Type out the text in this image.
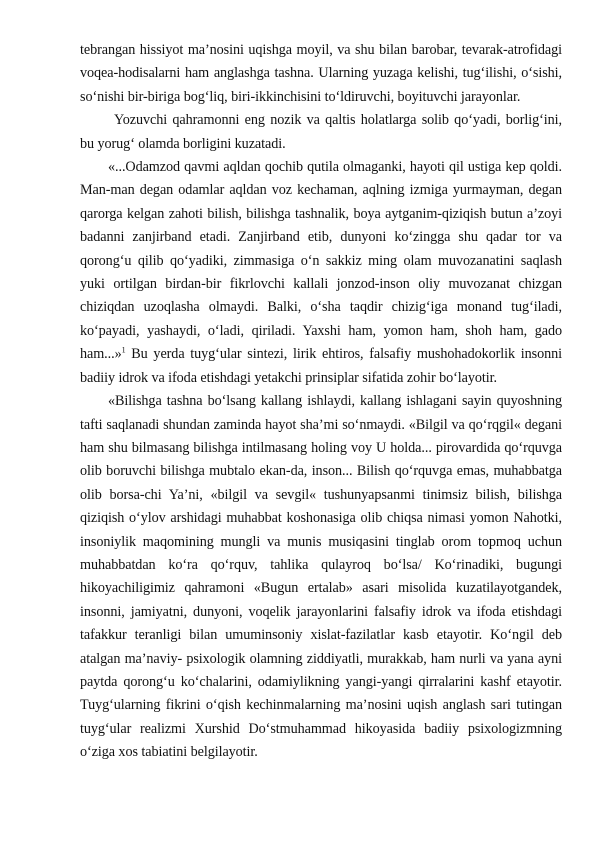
tebrangan hissiyot ma’nosini uqishga moyil, va shu bilan barobar, tevarak-atrofidagi voqea-hodisalarni ham anglashga tashna. Ularning yuzaga kelishi, tug‘ilishi, o‘sishi, so‘nishi bir-biriga bog‘liq, biri-ikkinchisini to‘ldiruvchi, boyituvchi jarayonlar.

Yozuvchi qahramonni eng nozik va qaltis holatlarga solib qo‘yadi, borlig‘ini, bu yorug‘ olamda borligini kuzatadi.

«...Odamzod qavmi aqldan qochib qutila olmaganki, hayoti qil ustiga kep qoldi. Man-man degan odamlar aqldan voz kechaman, aqlning izmiga yurmayman, degan qarorga kelgan zahoti bilish, bilishga tashnalik, boya aytganim-qiziqish butun a’zoyi badanni zanjirband etadi. Zanjirband etib, dunyoni ko‘zingga shu qadar tor va qorong‘u qilib qo‘yadiki, zimmasiga o‘n sakkiz ming olam muvozanatini saqlash yuki ortilgan birdan-bir fikrlovchi kallali jonzod-inson oliy muvozanat chizgan chiziqdan uzoqlasha olmaydi. Balki, o‘sha taqdir chizig‘iga monand tug‘iladi, ko‘payadi, yashaydi, o‘ladi, qiriladi. Yaxshi ham, yomon ham, shoh ham, gado ham...»$^1$ Bu yerda tuyg‘ular sintezi, lirik ehtiros, falsafiy mushohadokorlik insonni badiiy idrok va ifoda etishdagi yetakchi prinsiplar sifatida zohir bo‘layotir.

«Bilishga tashna bo‘lsang kallang ishlaydi, kallang ishlagani sayin quyoshning tafti saqlanadi shundan zaminda hayot sha’mi so‘nmaydi. «Bilgil va qo‘rqgil« degani ham shu bilmasang bilishga intilmasang holing voy U holda... pirovardida qo‘rquvga olib boruvchi bilishga mubtalo ekan-da, inson... Bilish qo‘rquvga emas, muhabbatga olib borsa-chi Ya’ni, «bilgil va sevgil« tushunyapsanmi tinimsiz bilish, bilishga qiziqish o‘ylov arshidagi muhabbat koshonasiga olib chiqsa nimasi yomon Nahotki, insoniylik maqomining mungli va munis musiqasini tinglab orom topmoq uchun muhabbatdan ko‘ra qo‘rquv, tahlika qulayroq bo‘lsa/ Ko‘rinadiki, bugungi hikoyachiligimiz qahramoni «Bugun ertalab» asari misolida kuzatilayotgandek, insonni, jamiyatni, dunyoni, voqelik jarayonlarini falsafiy idrok va ifoda etishdagi tafakkur teranligi bilan umuminsoniy xislat-fazilatlar kasb etayotir. Ko‘ngil deb atalgan ma’naviy- psixologik olamning ziddiyatli, murakkab, ham nurli va yana ayni paytda qorong‘u ko‘chalarini, odamiylikning yangi-yangi qirralarini kashf etayotir. Tuyg‘ularning fikrini o‘qish kechinmalarning ma’nosini uqish anglash sari tutingan tuyg‘ular realizmi Xurshid Do‘stmuhammad hikoyasida badiiy psixologizmning o‘ziga xos tabiatini belgilayotir.
